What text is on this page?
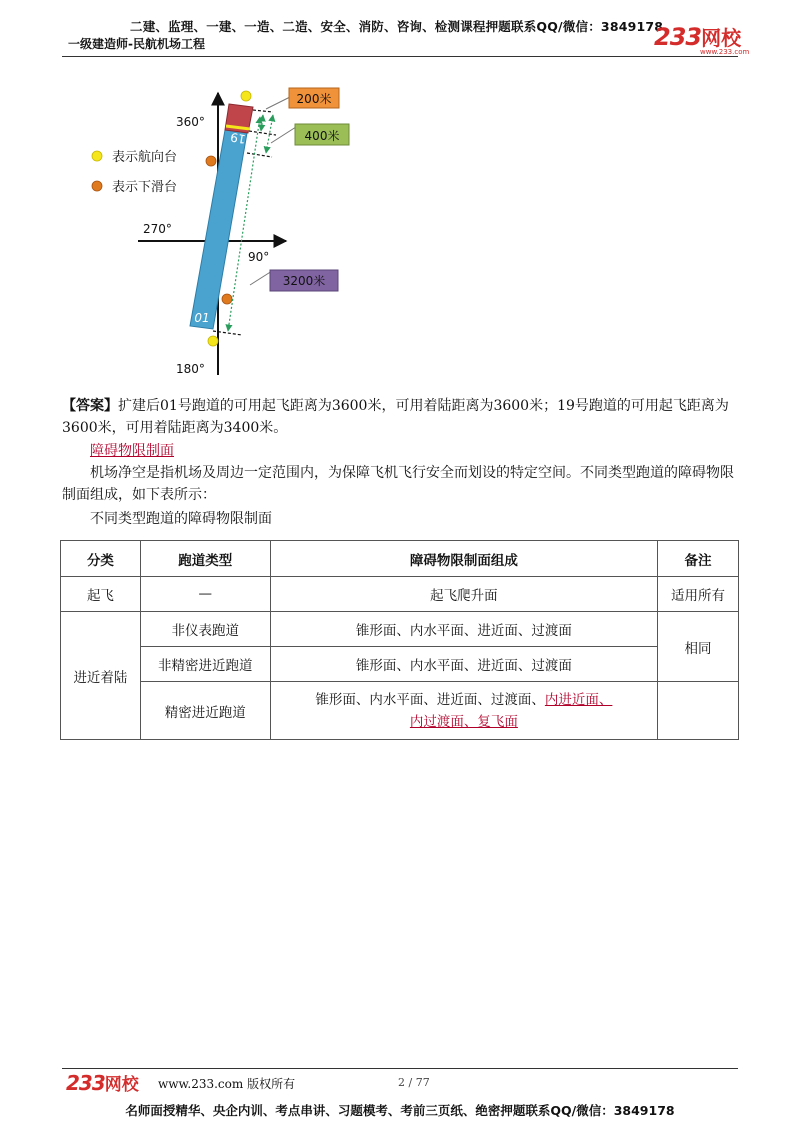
二建、监理、一建、一造、二造、安全、消防、咨询、检测课程押题联系QQ/微信：3849178
一级建造师-民航机场工程	233网校
www.233.com
19
01
200米
400米
3200米
360°
270°
90°
180°
表示航向台
表示下滑台
【答案】扩建后01号跑道的可用起飞距离为3600米，可用着陆距离为3600米；19号跑道的可用起飞距离为3600米，可用着陆距离为3400米。
障碍物限制面
机场净空是指机场及周边一定范围内，为保障飞机飞行安全而划设的特定空间。不同类型跑道的障碍物限制面组成，如下表所示：
不同类型跑道的障碍物限制面
分类	跑道类型	障碍物限制面组成	备注
起飞	—	起飞爬升面	适用所有
进近着陆	非仪表跑道	锥形面、内水平面、进近面、过渡面	相同
	非精密进近跑道	锥形面、内水平面、进近面、过渡面	
	精密进近跑道	锥形面、内水平面、进近面、过渡面、内进近面、
内过渡面、复飞面	
233网校 www.233.com 版权所有	2 / 77
名师面授精华、央企内训、考点串讲、习题模考、考前三页纸、绝密押题联系QQ/微信：3849178
